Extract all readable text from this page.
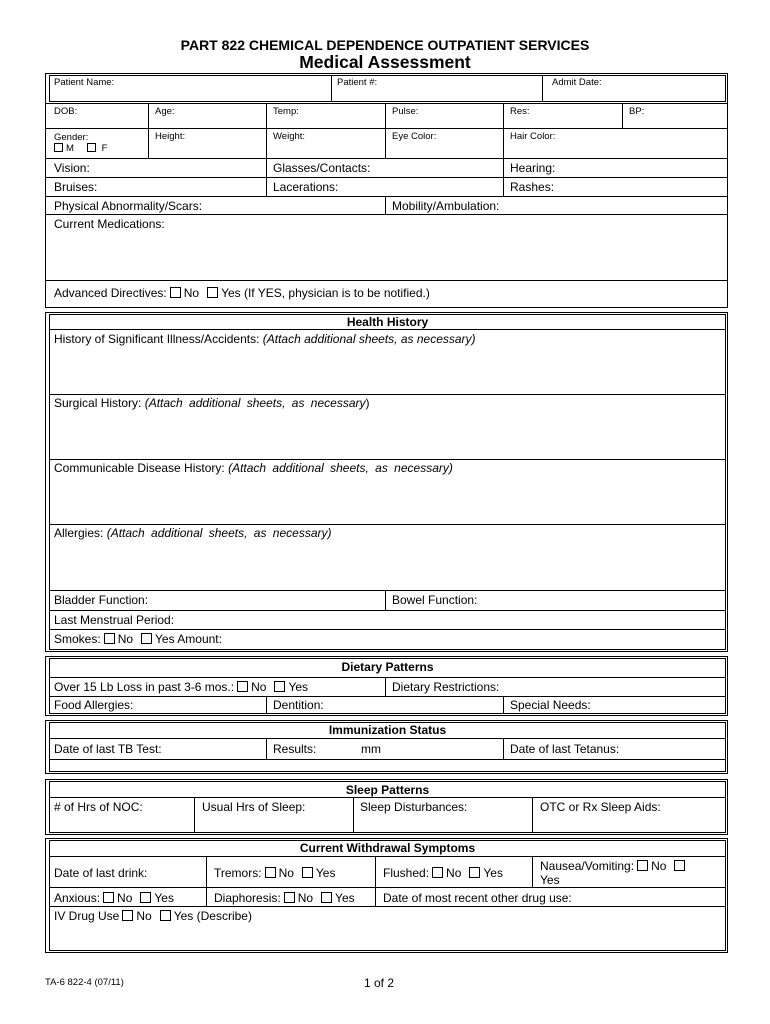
PART 822 CHEMICAL DEPENDENCE OUTPATIENT SERVICES
Medical Assessment
Patient Name:	Patient #:	Admit Date:
DOB:	Age:	Temp:	Pulse:	Res:	BP:
Gender:
M	F
Height:	Weight:	Eye Color:	Hair Color:
Vision:	Glasses/Contacts:	Hearing:
Bruises:	Lacerations:	Rashes:
Physical Abnormality/Scars:	Mobility/Ambulation:
Current Medications:
Advanced Directives: No Yes (If YES, physician is to be notified.)
Health History
History of Significant Illness/Accidents: (Attach additional sheets, as necessary)
Surgical History: (Attach additional sheets, as necessary)
Communicable Disease History: (Attach additional sheets, as necessary)
Allergies: (Attach additional sheets, as necessary)
Bladder Function:	Bowel Function:
Last Menstrual Period:
Smokes: No Yes Amount:
Dietary Patterns
Over 15 Lb Loss in past 3-6 mos.: No Yes	Dietary Restrictions:
Food Allergies:	Dentition:	Special Needs:
Immunization Status
Date of last TB Test:	Results:	mm	Date of last Tetanus:
Sleep Patterns
# of Hrs of NOC:	Usual Hrs of Sleep:	Sleep Disturbances:	OTC or Rx Sleep Aids:
Current Withdrawal Symptoms
Date of last drink:	Tremors: No Yes	Flushed: No Yes	Nausea/Vomiting: No
Yes
Anxious: No Yes	Diaphoresis: No Yes Date of most recent other drug use:
IV Drug Use No Yes (Describe)
TA-6 822-4 (07/11)	1 of 2
